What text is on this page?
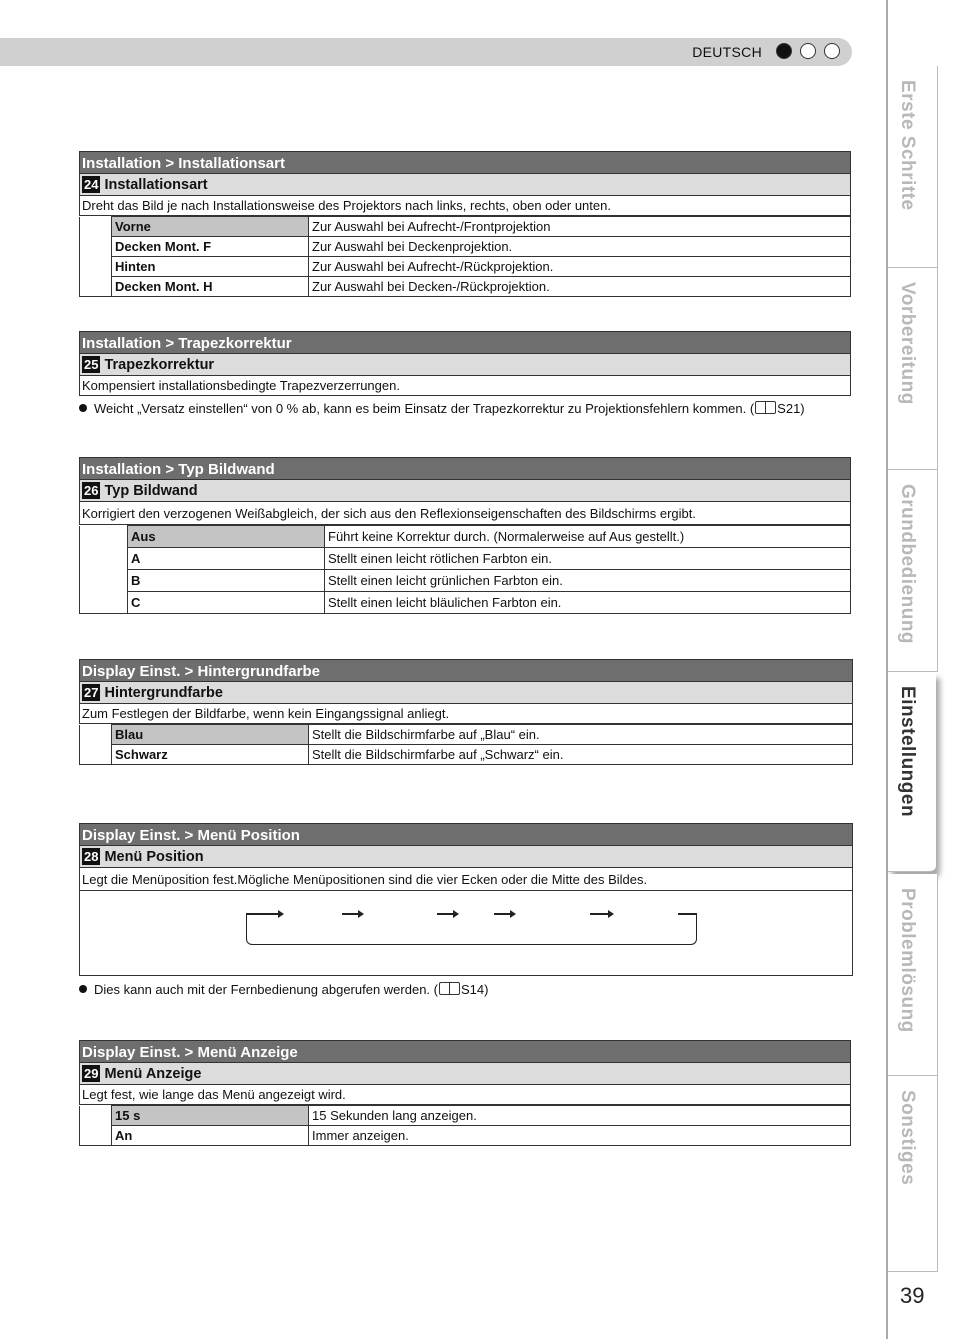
DEUTSCH
Erste Schritte
Vorbereitung
Grundbedienung
Einstellungen
Problemlösung
Sonstiges
39
Installation > Installationsart
24 Installationsart
Dreht das Bild je nach Installationsweise des Projektors nach links, rechts, oben oder unten.
	Vorne	Zur Auswahl bei Aufrecht-/Frontprojektion
	Decken Mont. F	Zur Auswahl bei Deckenprojektion.
	Hinten	Zur Auswahl bei Aufrecht-/Rückprojektion.
	Decken Mont. H	Zur Auswahl bei Decken-/Rückprojektion.
Installation > Trapezkorrektur
25 Trapezkorrektur
Kompensiert installationsbedingte Trapezverzerrungen.
Weicht „Versatz einstellen“ von 0 % ab, kann es beim Einsatz der Trapezkorrektur zu Projektionsfehlern kommen. ( S21)
Installation > Typ Bildwand
26 Typ Bildwand
Korrigiert den verzogenen Weißabgleich, der sich aus den Reflexionseigenschaften des Bildschirms ergibt.
	Aus	Führt keine Korrektur durch. (Normalerweise auf Aus gestellt.)
	A	Stellt einen leicht rötlichen Farbton ein.
	B	Stellt einen leicht grünlichen Farbton ein.
	C	Stellt einen leicht bläulichen Farbton ein.
Display Einst. > Hintergrundfarbe
27 Hintergrundfarbe
Zum Festlegen der Bildfarbe, wenn kein Eingangssignal anliegt.
	Blau	Stellt die Bildschirmfarbe auf „Blau“ ein.
	Schwarz	Stellt die Bildschirmfarbe auf „Schwarz“ ein.
Display Einst. > Menü Position
28 Menü Position
Legt die Menüposition fest.Mögliche Menüpositionen sind die vier Ecken oder die Mitte des Bildes.
Dies kann auch mit der Fernbedienung abgerufen werden. ( S14)
Display Einst. > Menü Anzeige
29 Menü Anzeige
Legt fest, wie lange das Menü angezeigt wird.
	15 s	15 Sekunden lang anzeigen.
	An	Immer anzeigen.
